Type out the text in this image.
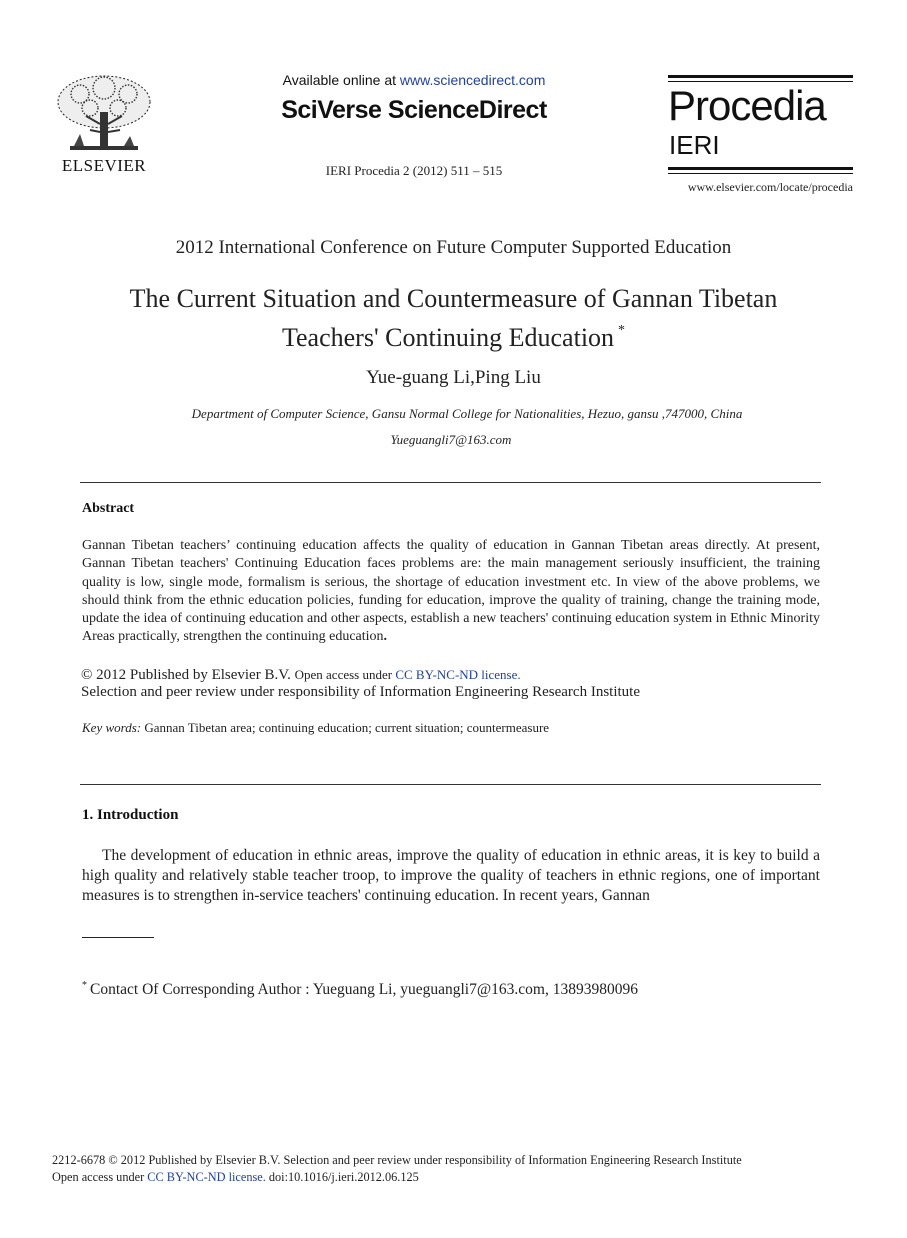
ELSEVIER
Available online at www.sciencedirect.com
SciVerse ScienceDirect
IERI Procedia 2 (2012) 511 – 515
Procedia
IERI
www.elsevier.com/locate/procedia
2012 International Conference on Future Computer Supported Education
The Current Situation and Countermeasure of Gannan Tibetan
Teachers' Continuing Education *
Yue-guang Li,Ping Liu
Department of Computer Science, Gansu Normal College for Nationalities, Hezuo, gansu ,747000, China
Yueguangli7@163.com
Abstract
Gannan Tibetan teachers’ continuing education affects the quality of education in Gannan Tibetan areas directly. At present, Gannan Tibetan teachers' Continuing Education faces problems are: the main management seriously insufficient, the training quality is low, single mode, formalism is serious, the shortage of education investment etc. In view of the above problems, we should think from the ethnic education policies, funding for education, improve the quality of training, change the training mode, update the idea of continuing education and other aspects, establish a new teachers' continuing education system in Ethnic Minority Areas practically, strengthen the continuing education.
© 2012 Published by Elsevier B.V. Open access under CC BY-NC-ND license.
Selection and peer review under responsibility of Information Engineering Research Institute
Key words: Gannan Tibetan area; continuing education; current situation; countermeasure
1. Introduction
The development of education in ethnic areas, improve the quality of education in ethnic areas, it is key to build a high quality and relatively stable teacher troop, to improve the quality of teachers in ethnic regions, one of important measures is to strengthen in-service teachers' continuing education. In recent years, Gannan
* Contact Of Corresponding Author : Yueguang Li, yueguangli7@163.com, 13893980096
2212-6678 © 2012 Published by Elsevier B.V. Selection and peer review under responsibility of Information Engineering Research Institute
Open access under CC BY-NC-ND license. doi:10.1016/j.ieri.2012.06.125
